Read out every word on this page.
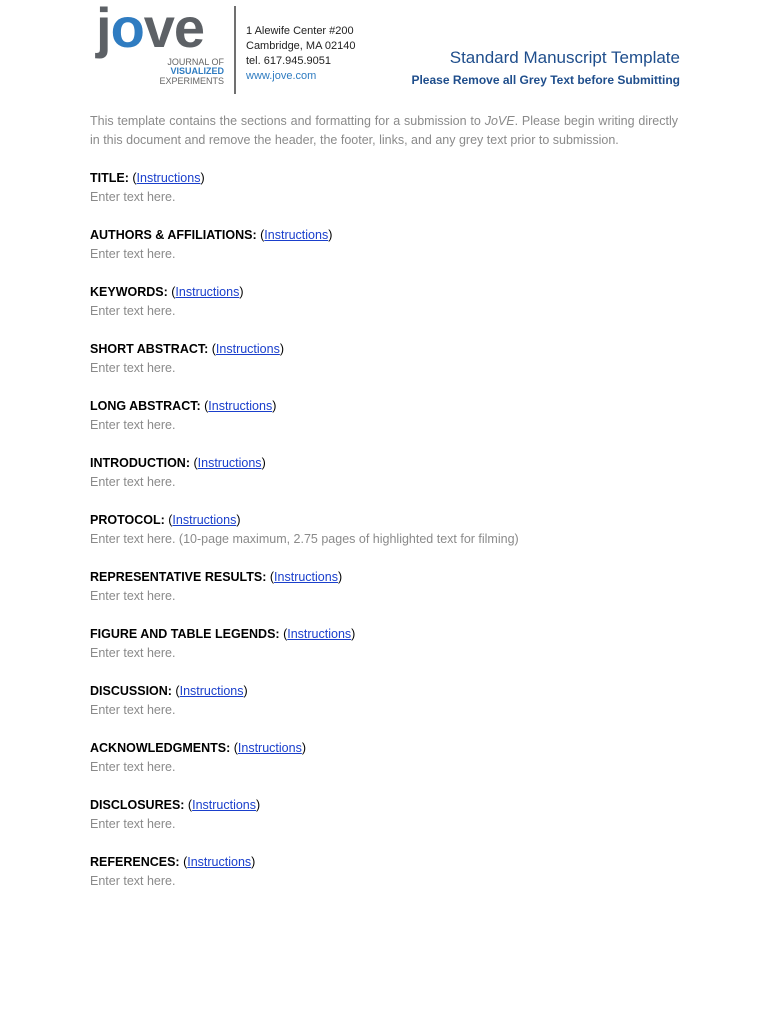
jove
JOURNAL OF
VISUALIZED EXPERIMENTS
1 Alewife Center #200
Cambridge, MA 02140
tel. 617.945.9051
www.jove.com
Standard Manuscript Template
Please Remove all Grey Text before Submitting

This template contains the sections and formatting for a submission to JoVE. Please begin writing directly in this document and remove the header, the footer, links, and any grey text prior to submission.

TITLE: (Instructions)

Enter text here.

AUTHORS & AFFILIATIONS: (Instructions)

Enter text here.

KEYWORDS: (Instructions)

Enter text here.

SHORT ABSTRACT: (Instructions)

Enter text here.

LONG ABSTRACT: (Instructions)

Enter text here.

INTRODUCTION: (Instructions)

Enter text here.

PROTOCOL: (Instructions)

Enter text here. (10-page maximum, 2.75 pages of highlighted text for filming)

REPRESENTATIVE RESULTS: (Instructions)

Enter text here.

FIGURE AND TABLE LEGENDS: (Instructions)

Enter text here.

DISCUSSION: (Instructions)

Enter text here.

ACKNOWLEDGMENTS: (Instructions)

Enter text here.

DISCLOSURES: (Instructions)

Enter text here.

REFERENCES: (Instructions)

Enter text here.
